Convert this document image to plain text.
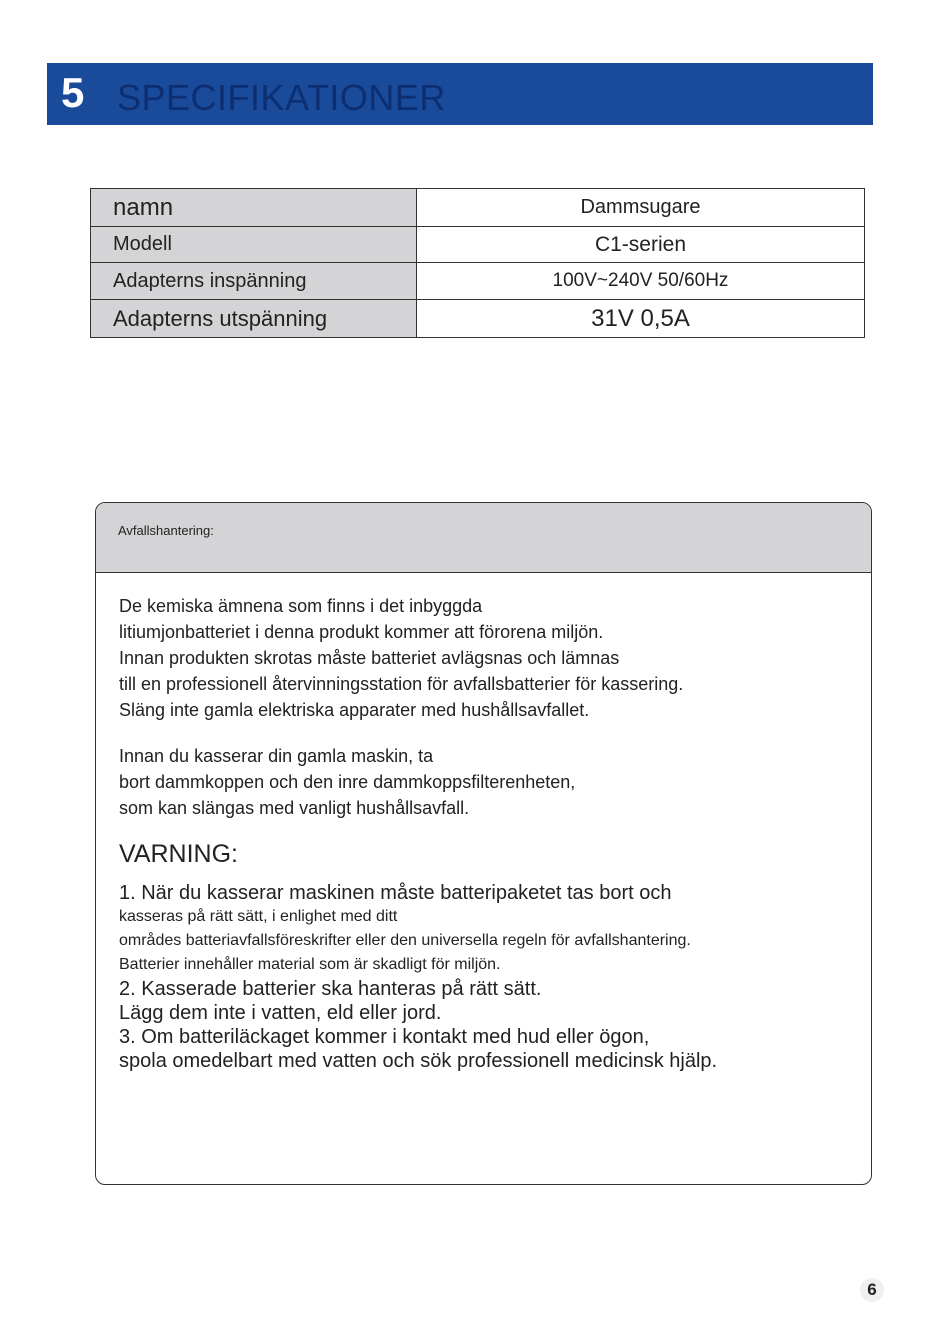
5 SPECIFIKATIONER
namn	Dammsugare
Modell	C1-serien
Adapterns inspänning	100V~240V 50/60Hz
Adapterns utspänning	31V 0,5A
Avfallshantering:

De kemiska ämnena som finns i det inbyggda

litiumjonbatteriet i denna produkt kommer att förorena miljön.

Innan produkten skrotas måste batteriet avlägsnas och lämnas

till en professionell återvinningsstation för avfallsbatterier för kassering.

Släng inte gamla elektriska apparater med hushållsavfallet.

Innan du kasserar din gamla maskin, ta

bort dammkoppen och den inre dammkoppsfilterenheten,

som kan slängas med vanligt hushållsavfall.

VARNING:

1. När du kasserar maskinen måste batteripaketet tas bort och

kasseras på rätt sätt, i enlighet med ditt

områdes batteriavfallsföreskrifter eller den universella regeln för avfallshantering.

Batterier innehåller material som är skadligt för miljön.

2. Kasserade batterier ska hanteras på rätt sätt.

Lägg dem inte i vatten, eld eller jord.

3. Om batteriläckaget kommer i kontakt med hud eller ögon,

spola omedelbart med vatten och sök professionell medicinsk hjälp.

6
